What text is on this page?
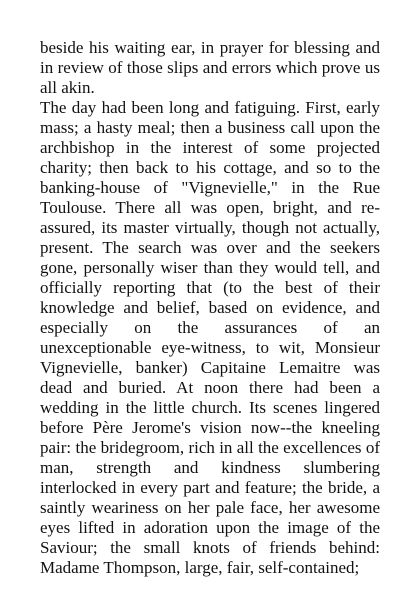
beside his waiting ear, in prayer for blessing and in review of those slips and errors which prove us all akin.

The day had been long and fatiguing. First, early mass; a hasty meal; then a business call upon the archbishop in the interest of some projected charity; then back to his cottage, and so to the banking-house of "Vignevielle," in the Rue Toulouse. There all was open, bright, and re-assured, its master virtually, though not actually, present. The search was over and the seekers gone, personally wiser than they would tell, and officially reporting that (to the best of their knowledge and belief, based on evidence, and especially on the assurances of an unexceptionable eye-witness, to wit, Monsieur Vignevielle, banker) Capitaine Lemaitre was dead and buried. At noon there had been a wedding in the little church. Its scenes lingered before Père Jerome's vision now--the kneeling pair: the bridegroom, rich in all the excellences of man, strength and kindness slumbering interlocked in every part and feature; the bride, a saintly weariness on her pale face, her awesome eyes lifted in adoration upon the image of the Saviour; the small knots of friends behind: Madame Thompson, large, fair, self-contained;
